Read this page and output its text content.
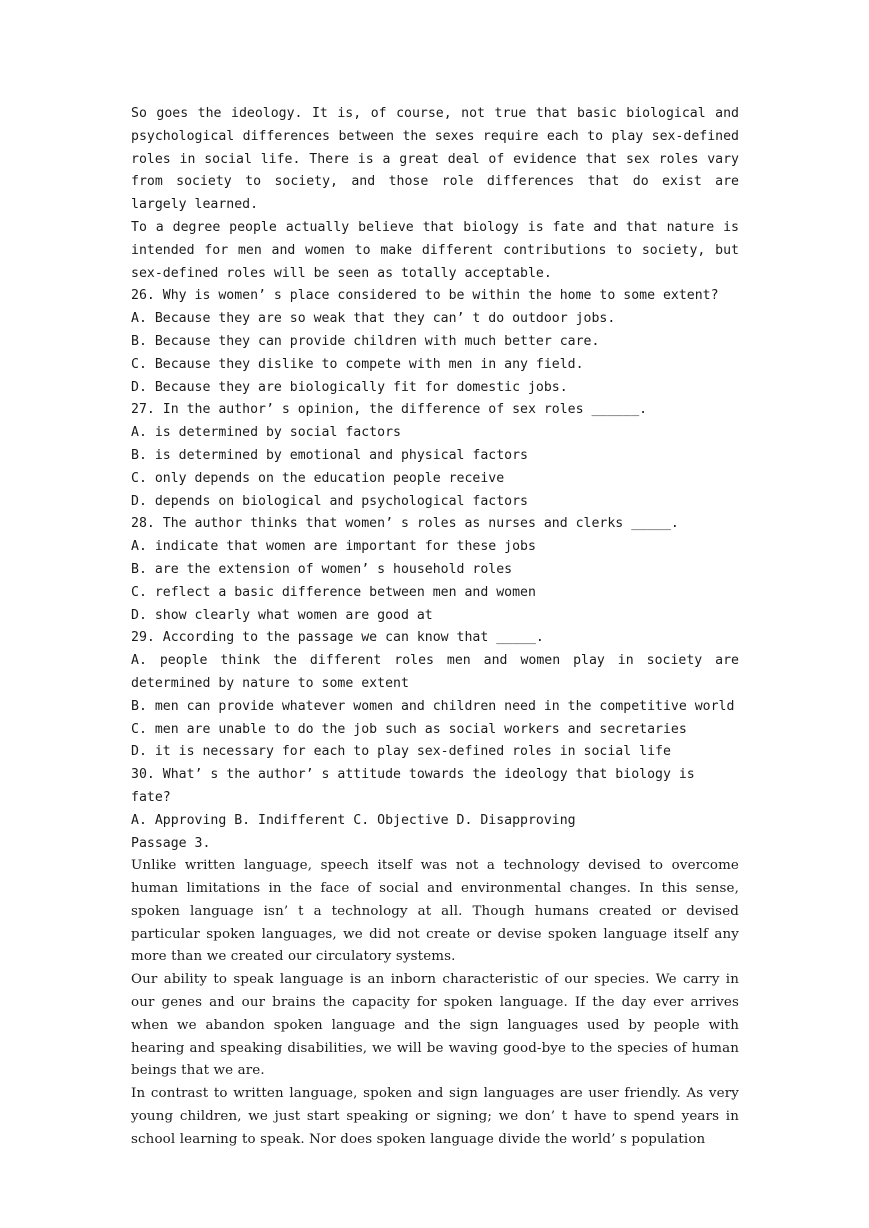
So goes the ideology. It is, of course, not true that basic biological and psychological differences between the sexes require each to play sex-defined roles in social life. There is a great deal of evidence that sex roles vary from society to society, and those role differences that do exist are largely learned.

To a degree people actually believe that biology is fate and that nature is intended for men and women to make different contributions to society, but sex-defined roles will be seen as totally acceptable.

26. Why is women’ s place considered to be within the home to some extent?

A. Because they are so weak that they can’ t do outdoor jobs.

B. Because they can provide children with much better care.

C. Because they dislike to compete with men in any field.

D. Because they are biologically fit for domestic jobs.

27. In the author’ s opinion, the difference of sex roles ______.

A. is determined by social factors

B. is determined by emotional and physical factors

C. only depends on the education people receive

D. depends on biological and psychological factors

28. The author thinks that women’ s roles as nurses and clerks _____.

A. indicate that women are important for these jobs

B. are the extension of women’ s household roles

C. reflect a basic difference between men and women

D. show clearly what women are good at

29. According to the passage we can know that _____.

A. people think the different roles men and women play in society are determined by nature to some extent

B. men can provide whatever women and children need in the competitive world

C. men are unable to do the job such as social workers and secretaries

D. it is necessary for each to play sex-defined roles in social life

30. What’ s the author’ s attitude towards the ideology that biology is fate?

A. Approving B. Indifferent C. Objective D. Disapproving

Passage 3.

Unlike written language, speech itself was not a technology devised to overcome human limitations in the face of social and environmental changes. In this sense, spoken language isn’ t a technology at all. Though humans created or devised particular spoken languages, we did not create or devise spoken language itself any more than we created our circulatory systems.

Our ability to speak language is an inborn characteristic of our species. We carry in our genes and our brains the capacity for spoken language. If the day ever arrives when we abandon spoken language and the sign languages used by people with hearing and speaking disabilities, we will be waving good-bye to the species of human beings that we are.

In contrast to written language, spoken and sign languages are user friendly. As very young children, we just start speaking or signing; we don’ t have to spend years in school learning to speak. Nor does spoken language divide the world’ s population
